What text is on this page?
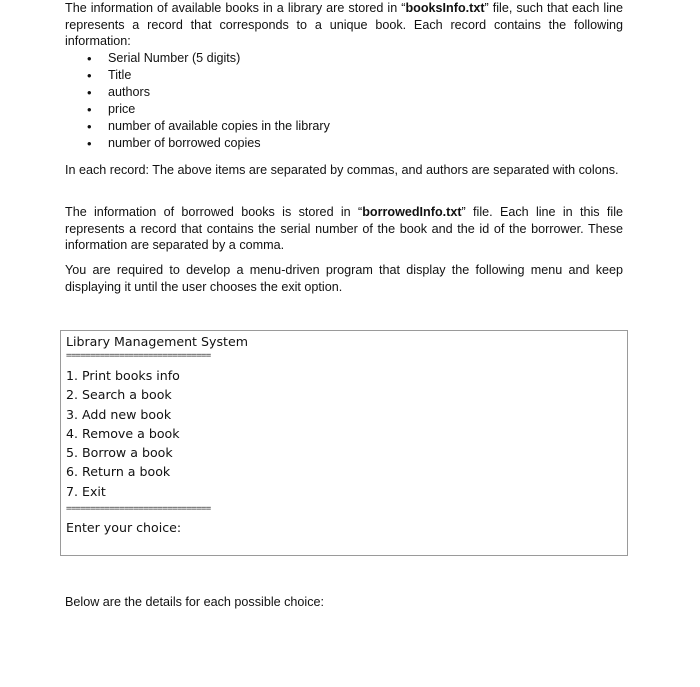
The information of available books in a library are stored in “booksInfo.txt” file, such that each line represents a record that corresponds to a unique book. Each record contains the following information:

• Serial Number (5 digits)
• Title
• authors
• price
• number of available copies in the library
• number of borrowed copies

In each record: The above items are separated by commas, and authors are separated with colons.

The information of borrowed books is stored in “borrowedInfo.txt” file. Each line in this file represents a record that contains the serial number of the book and the id of the borrower. These information are separated by a comma.

You are required to develop a menu-driven program that display the following menu and keep displaying it until the user chooses the exit option.

Library Management System
==============================
1. Print books info
2. Search a book
3. Add new book
4. Remove a book
5. Borrow a book
6. Return a book
7. Exit
==============================
Enter your choice:

Below are the details for each possible choice:
